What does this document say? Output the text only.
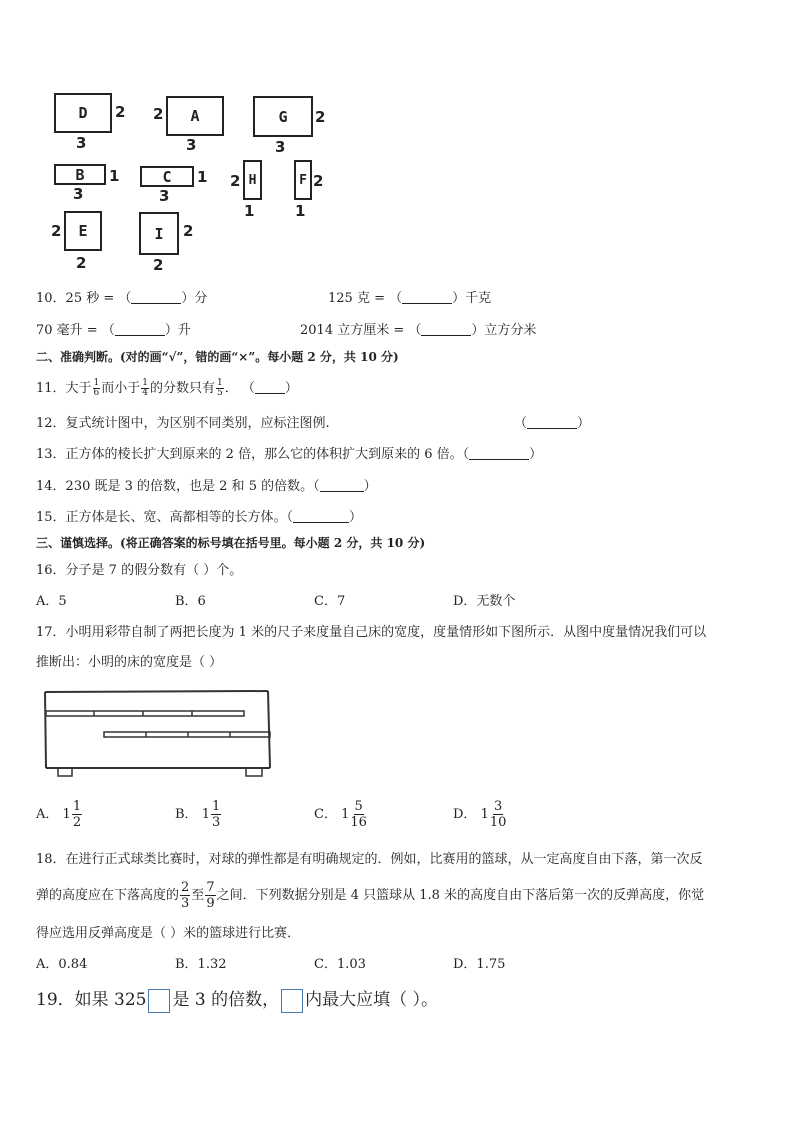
D 2
3
A
2
3
G 2
3
B 1
3
C 1
3
H
2
1
F 2
1
E
2
2
I 2
2
10．25 秒 = （	）分	125 克 = （	）千克
70 毫升 = （	）升	2014 立方厘米 = （	）立方分米
二、准确判断。(对的画“√”，错的画“×”。每小题 2 分，共 10 分)
11．大于 $\frac{1}{6}$ 而小于 $\frac{1}{4}$ 的分数只有 $\frac{1}{5}$ ． （ ）
12．复式统计图中，为区别不同类别，应标注图例.	（	）
13．正方体的棱长扩大到原来的 2 倍，那么它的体积扩大到原来的 6 倍。（	）
14．230 既是 3 的倍数，也是 2 和 5 的倍数。（	）
15．正方体是长、宽、高都相等的长方体。（	）
三、谨慎选择。(将正确答案的标号填在括号里。每小题 2 分，共 10 分)
16．分子是 7 的假分数有（ ）个。
A．5	B．6	C．7	D．无数个
17．小明用彩带自制了两把长度为 1 米的尺子来度量自己床的宽度，度量情形如下图所示．从图中度量情况我们可以
推断出：小明的床的宽度是（ ）
A． $1 \frac{1}{2}$	B． $1 \frac{1}{3}$	C． $1 \frac{5}{16}$	D． $1 \frac{3}{10}$
18．在进行正式球类比赛时，对球的弹性都是有明确规定的．例如，比赛用的篮球，从一定高度自由下落，第一次反
弹的高度应在下落高度的 $\frac{2}{3}$ 至 $\frac{7}{9}$ 之间．下列数据分别是 4 只篮球从 1.8 米的高度自由下落后第一次的反弹高度，你觉
得应选用反弹高度是（ ）米的篮球进行比赛．
A．0.84	B．1.32	C．1.03	D．1.75
19．如果 325 是 3 的倍数， 内最大应填（ ）。
